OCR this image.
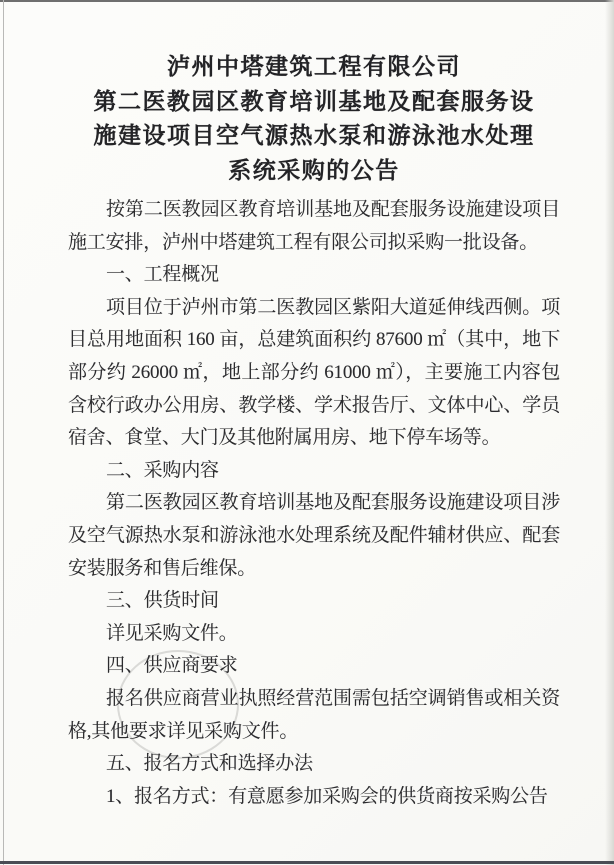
泸州中塔建筑工程有限公司
第二医教园区教育培训基地及配套服务设
施建设项目空气源热水泵和游泳池水处理
系统采购的公告

按第二医教园区教育培训基地及配套服务设施建设项目施工安排，泸州中塔建筑工程有限公司拟采购一批设备。

一、工程概况

项目位于泸州市第二医教园区紫阳大道延伸线西侧。项目总用地面积 160 亩，总建筑面积约 87600 ㎡（其中，地下部分约 26000 ㎡，地上部分约 61000 ㎡），主要施工内容包含校行政办公用房、教学楼、学术报告厅、文体中心、学员宿舍、食堂、大门及其他附属用房、地下停车场等。

二、采购内容

第二医教园区教育培训基地及配套服务设施建设项目涉及空气源热水泵和游泳池水处理系统及配件辅材供应、配套安装服务和售后维保。

三、供货时间

详见采购文件。

四、供应商要求

报名供应商营业执照经营范围需包括空调销售或相关资格,其他要求详见采购文件。

五、报名方式和选择办法

1、报名方式：有意愿参加采购会的供货商按采购公告
